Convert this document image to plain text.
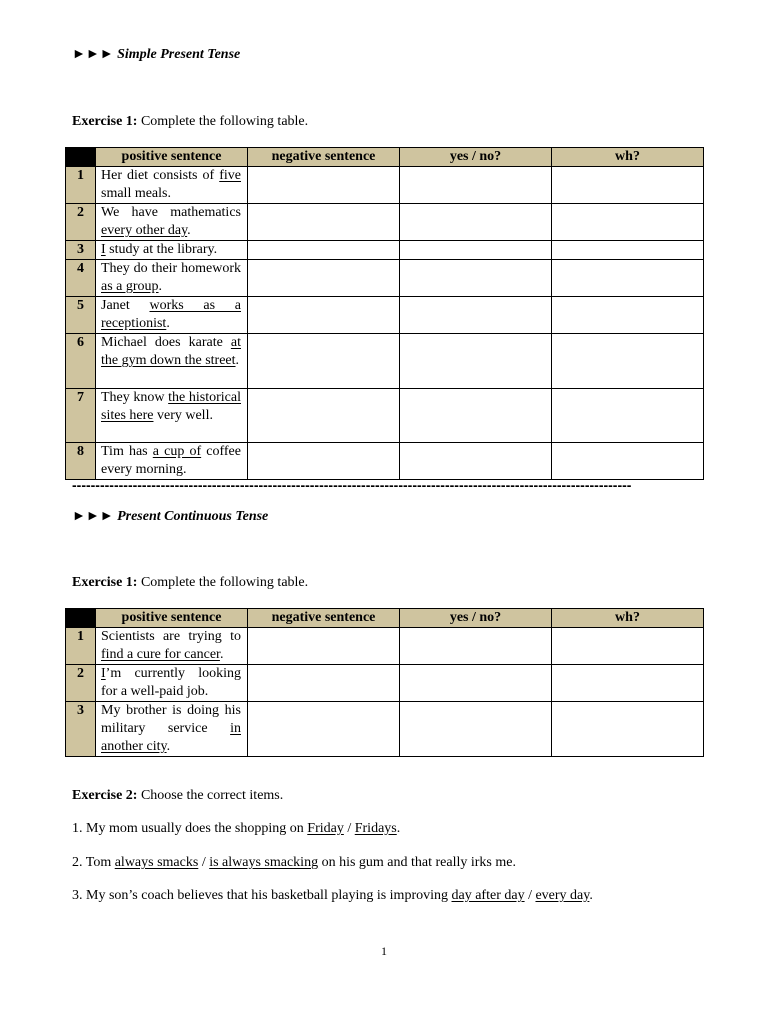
►►► Simple Present Tense
Exercise 1: Complete the following table.
	positive sentence	negative sentence	yes / no?	wh?
1	Her diet consists of five small meals.			
2	We have mathematics every other day.			
3	I study at the library.			
4	They do their homework as a group.			
5	Janet works as a receptionist.			
6	Michael does karate at the gym down the street.			
7	They know the historical sites here very well.			
8	Tim has a cup of coffee every morning.			
------------------------------------------------------------------------------------------------------------------------
►►► Present Continuous Tense
Exercise 1: Complete the following table.
	positive sentence	negative sentence	yes / no?	wh?
1	Scientists are trying to find a cure for cancer.			
2	I’m currently looking for a well-paid job.			
3	My brother is doing his military service in another city.			
Exercise 2: Choose the correct items.
1. My mom usually does the shopping on Friday / Fridays.
2. Tom always smacks / is always smacking on his gum and that really irks me.
3. My son’s coach believes that his basketball playing is improving day after day / every day.
1
